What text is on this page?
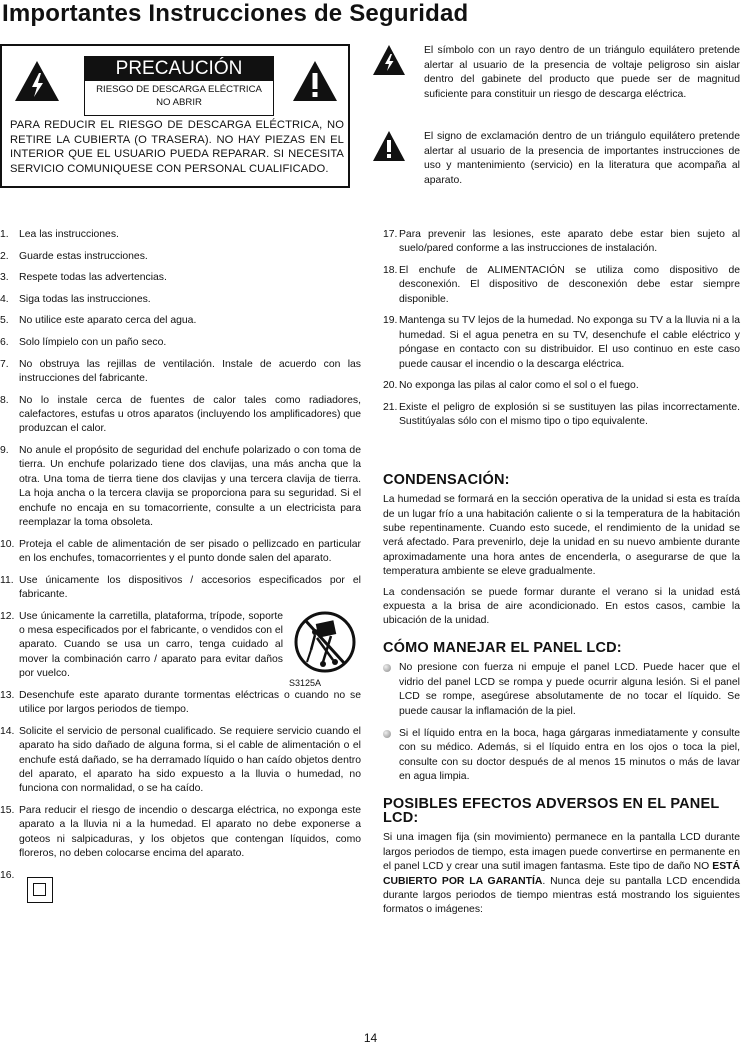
Importantes Instrucciones de Seguridad
PRECAUCIÓN
RIESGO DE DESCARGA ELÉCTRICA
NO ABRIR
PARA REDUCIR EL RIESGO DE DESCARGA ELÉCTRICA, NO RETIRE LA CUBIERTA (O TRASERA). NO HAY PIEZAS EN EL INTERIOR QUE EL USUARIO PUEDA REPARAR. SI NECESITA SERVICIO COMUNIQUESE CON PERSONAL CUALIFICADO.

El símbolo con un rayo dentro de un triángulo equilátero pretende alertar al usuario de la presencia de voltaje peligroso sin aislar dentro del gabinete del producto que puede ser de magnitud suficiente para constituir un riesgo de descarga eléctrica.

El signo de exclamación dentro de un triángulo equilátero pretende alertar al usuario de la presencia de importantes instrucciones de uso y mantenimiento (servicio) en la literatura que acompaña al aparato.

1. Lea las instrucciones.
2. Guarde estas instrucciones.
3. Respete todas las advertencias.
4. Siga todas las instrucciones.
5. No utilice este aparato cerca del agua.
6. Solo límpielo con un paño seco.
7. No obstruya las rejillas de ventilación. Instale de acuerdo con las instrucciones del fabricante.
8. No lo instale cerca de fuentes de calor tales como radiadores, calefactores, estufas u otros aparatos (incluyendo los amplificadores) que produzcan el calor.
9. No anule el propósito de seguridad del enchufe polarizado o con toma de tierra. Un enchufe polarizado tiene dos clavijas, una más ancha que la otra. Una toma de tierra tiene dos clavijas y una tercera clavija de tierra. La hoja ancha o la tercera clavija se proporciona para su seguridad. Si el enchufe no encaja en su tomacorriente, consulte a un electricista para reemplazar la toma obsoleta.
10. Proteja el cable de alimentación de ser pisado o pellizcado en particular en los enchufes, tomacorrientes y el punto donde salen del aparato.
11. Use únicamente los dispositivos / accesorios especificados por el fabricante.
12. Use únicamente la carretilla, plataforma, trípode, soporte o mesa especificados por el fabricante, o vendidos con el aparato. Cuando se usa un carro, tenga cuidado al mover la combinación carro / aparato para evitar daños por vuelco.
S3125A
13. Desenchufe este aparato durante tormentas eléctricas o cuando no se utilice por largos periodos de tiempo.
14. Solicite el servicio de personal cualificado. Se requiere servicio cuando el aparato ha sido dañado de alguna forma, si el cable de alimentación o el enchufe está dañado, se ha derramado líquido o han caído objetos dentro del aparato, el aparato ha sido expuesto a la lluvia o humedad, no funciona con normalidad, o se ha caído.
15. Para reducir el riesgo de incendio o descarga eléctrica, no exponga este aparato a la lluvia ni a la humedad. El aparato no debe exponerse a goteos ni salpicaduras, y los objetos que contengan líquidos, como floreros, no deben colocarse encima del aparato.
16.
17. Para prevenir las lesiones, este aparato debe estar bien sujeto al suelo/pared conforme a las instrucciones de instalación.
18. El enchufe de ALIMENTACIÓN se utiliza como dispositivo de desconexión. El dispositivo de desconexión debe estar siempre disponible.
19. Mantenga su TV lejos de la humedad. No exponga su TV a la lluvia ni a la humedad. Si el agua penetra en su TV, desenchufe el cable eléctrico y póngase en contacto con su distribuidor. El uso continuo en este caso puede causar el incendio o la descarga eléctrica.
20. No exponga las pilas al calor como el sol o el fuego.
21. Existe el peligro de explosión si se sustituyen las pilas incorrectamente. Sustitúyalas sólo con el mismo tipo o tipo equivalente.
CONDENSACIÓN:

La humedad se formará en la sección operativa de la unidad si esta es traída de un lugar frío a una habitación caliente o si la temperatura de la habitación sube repentinamente. Cuando esto sucede, el rendimiento de la unidad se verá afectado. Para prevenirlo, deje la unidad en su nuevo ambiente durante aproximadamente una hora antes de encenderla, o asegurarse de que la temperatura ambiente se eleve gradualmente.

La condensación se puede formar durante el verano si la unidad está expuesta a la brisa de aire acondicionado. En estos casos, cambie la ubicación de la unidad.

CÓMO MANEJAR EL PANEL LCD:
No presione con fuerza ni empuje el panel LCD. Puede hacer que el vidrio del panel LCD se rompa y puede ocurrir alguna lesión. Si el panel LCD se rompe, asegúrese absolutamente de no tocar el líquido. Se puede causar la inflamación de la piel.
Si el líquido entra en la boca, haga gárgaras inmediatamente y consulte con su médico. Además, si el líquido entra en los ojos o toca la piel, consulte con su doctor después de al menos 15 minutos o más de lavar en agua limpia.
POSIBLES EFECTOS ADVERSOS EN EL PANEL LCD:

Si una imagen fija (sin movimiento) permanece en la pantalla LCD durante largos periodos de tiempo, esta imagen puede convertirse en permanente en el panel LCD y crear una sutil imagen fantasma. Este tipo de daño NO ESTÁ CUBIERTO POR LA GARANTÍA. Nunca deje su pantalla LCD encendida durante largos periodos de tiempo mientras está mostrando los siguientes formatos o imágenes:

14
